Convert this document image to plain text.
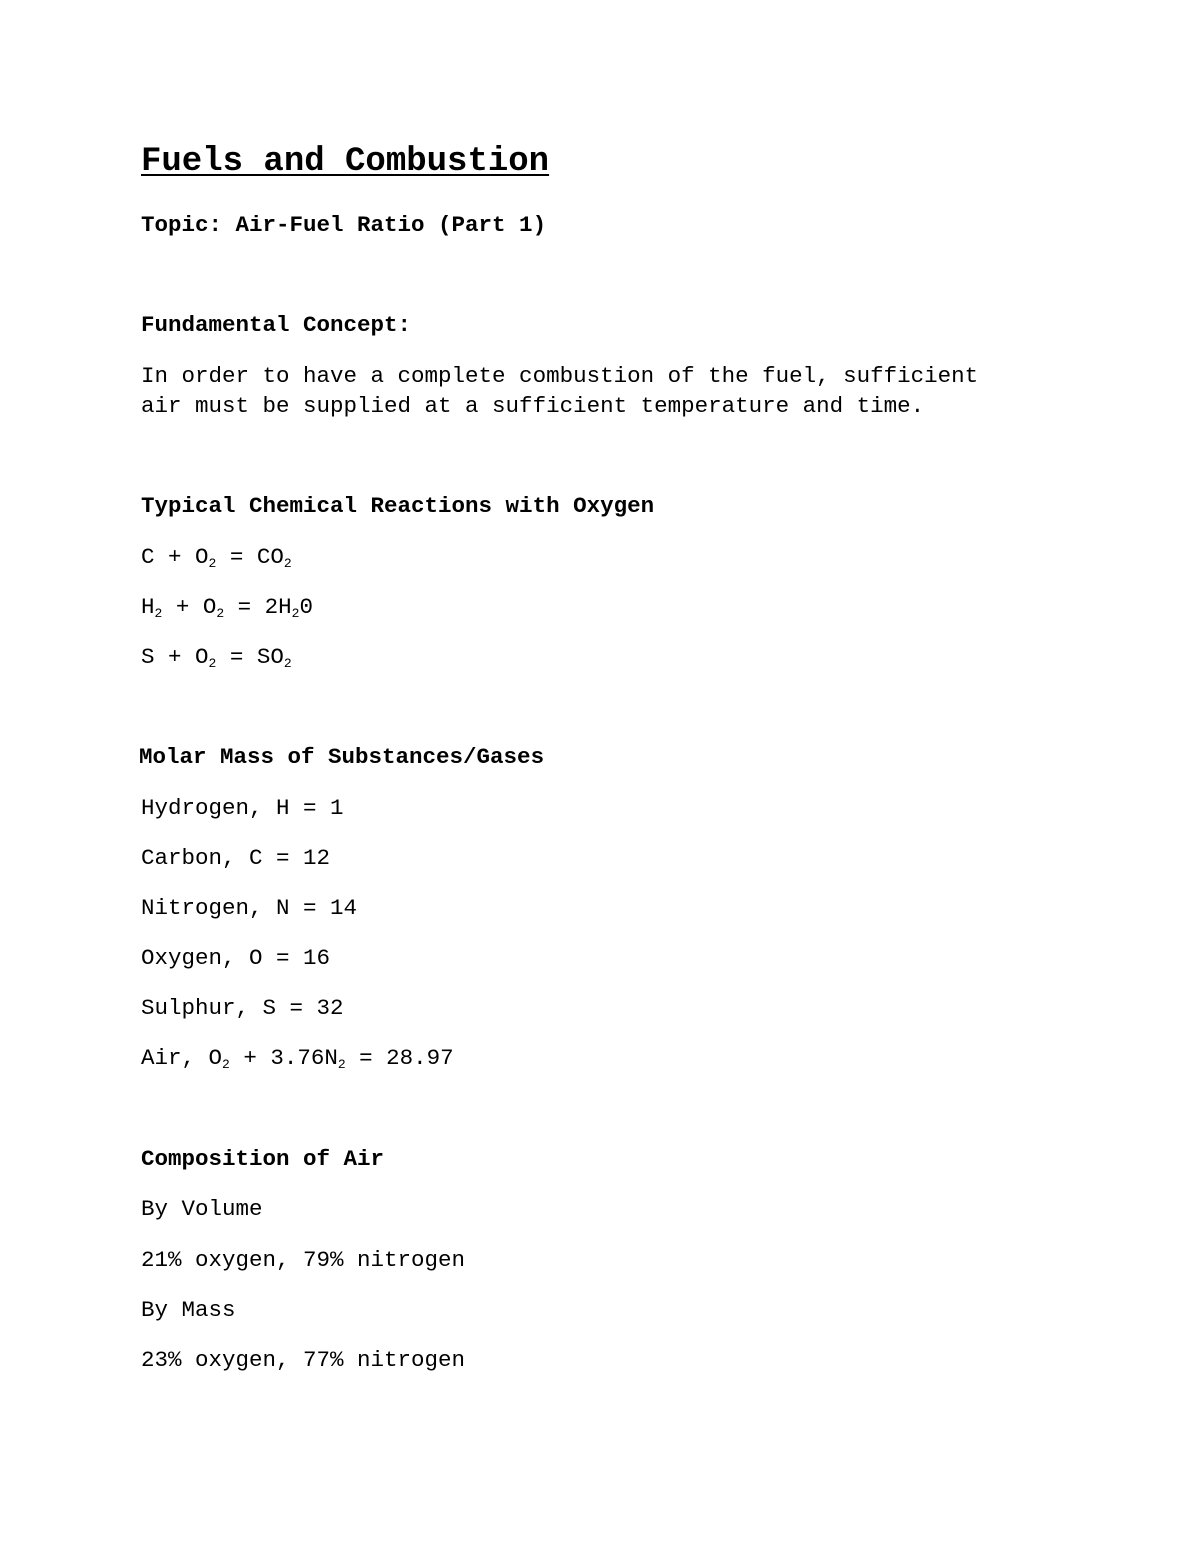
Fuels and Combustion
Topic: Air-Fuel Ratio (Part 1)
Fundamental Concept:
In order to have a complete combustion of the fuel, sufficient
air must be supplied at a sufficient temperature and time.
Typical Chemical Reactions with Oxygen
$C + O_2 = CO_2$
$H_2 + O_2 = 2H_20$
$S + O_2 = SO_2$
Molar Mass of Substances/Gases
Hydrogen, H = 1
Carbon, C = 12
Nitrogen, N = 14
Oxygen, O = 16
Sulphur, S = 32
Air, $O_2 + 3.76N_2 = 28.97$
Composition of Air
By Volume
21% oxygen, 79% nitrogen
By Mass
23% oxygen, 77% nitrogen
